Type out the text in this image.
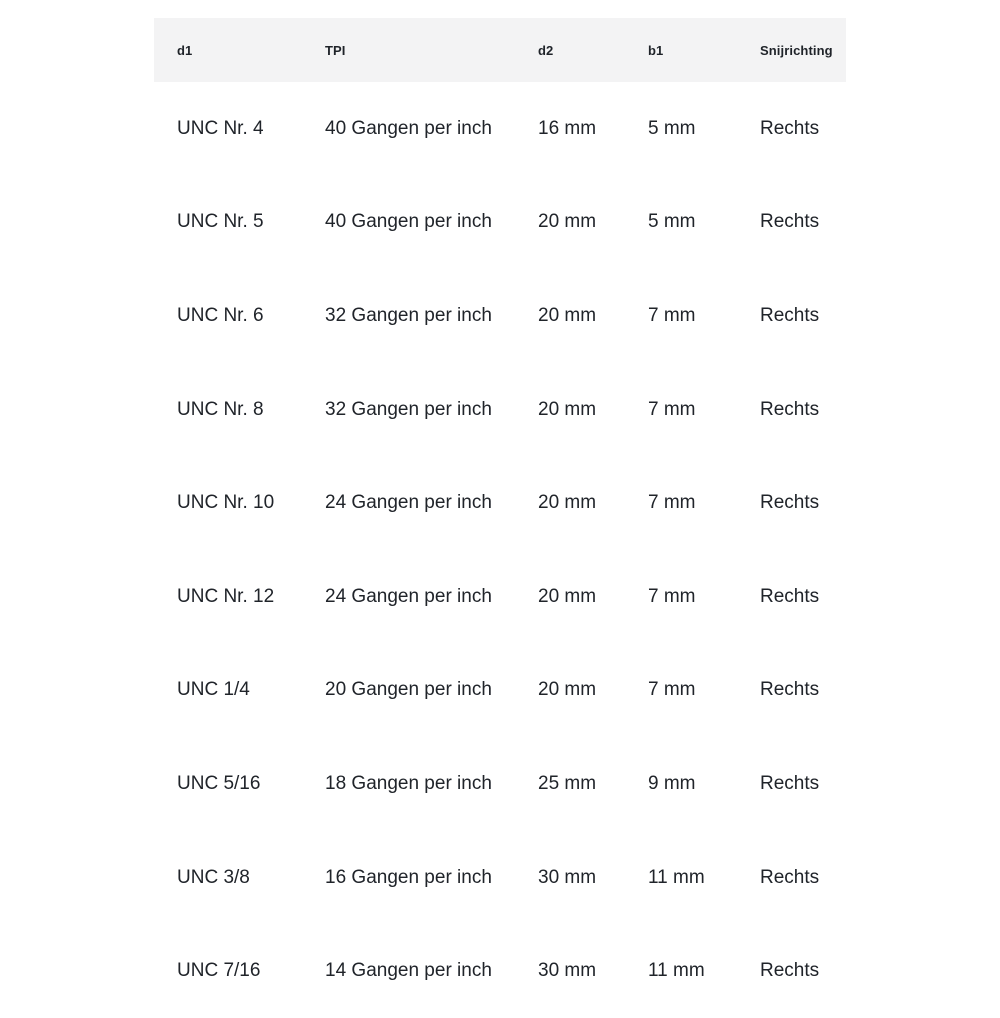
d1	TPI	d2	b1	Snijrichting
UNC Nr. 4	40 Gangen per inch	16 mm	5 mm	Rechts
UNC Nr. 5	40 Gangen per inch	20 mm	5 mm	Rechts
UNC Nr. 6	32 Gangen per inch	20 mm	7 mm	Rechts
UNC Nr. 8	32 Gangen per inch	20 mm	7 mm	Rechts
UNC Nr. 10	24 Gangen per inch	20 mm	7 mm	Rechts
UNC Nr. 12	24 Gangen per inch	20 mm	7 mm	Rechts
UNC 1/4	20 Gangen per inch	20 mm	7 mm	Rechts
UNC 5/16	18 Gangen per inch	25 mm	9 mm	Rechts
UNC 3/8	16 Gangen per inch	30 mm	11 mm	Rechts
UNC 7/16	14 Gangen per inch	30 mm	11 mm	Rechts
